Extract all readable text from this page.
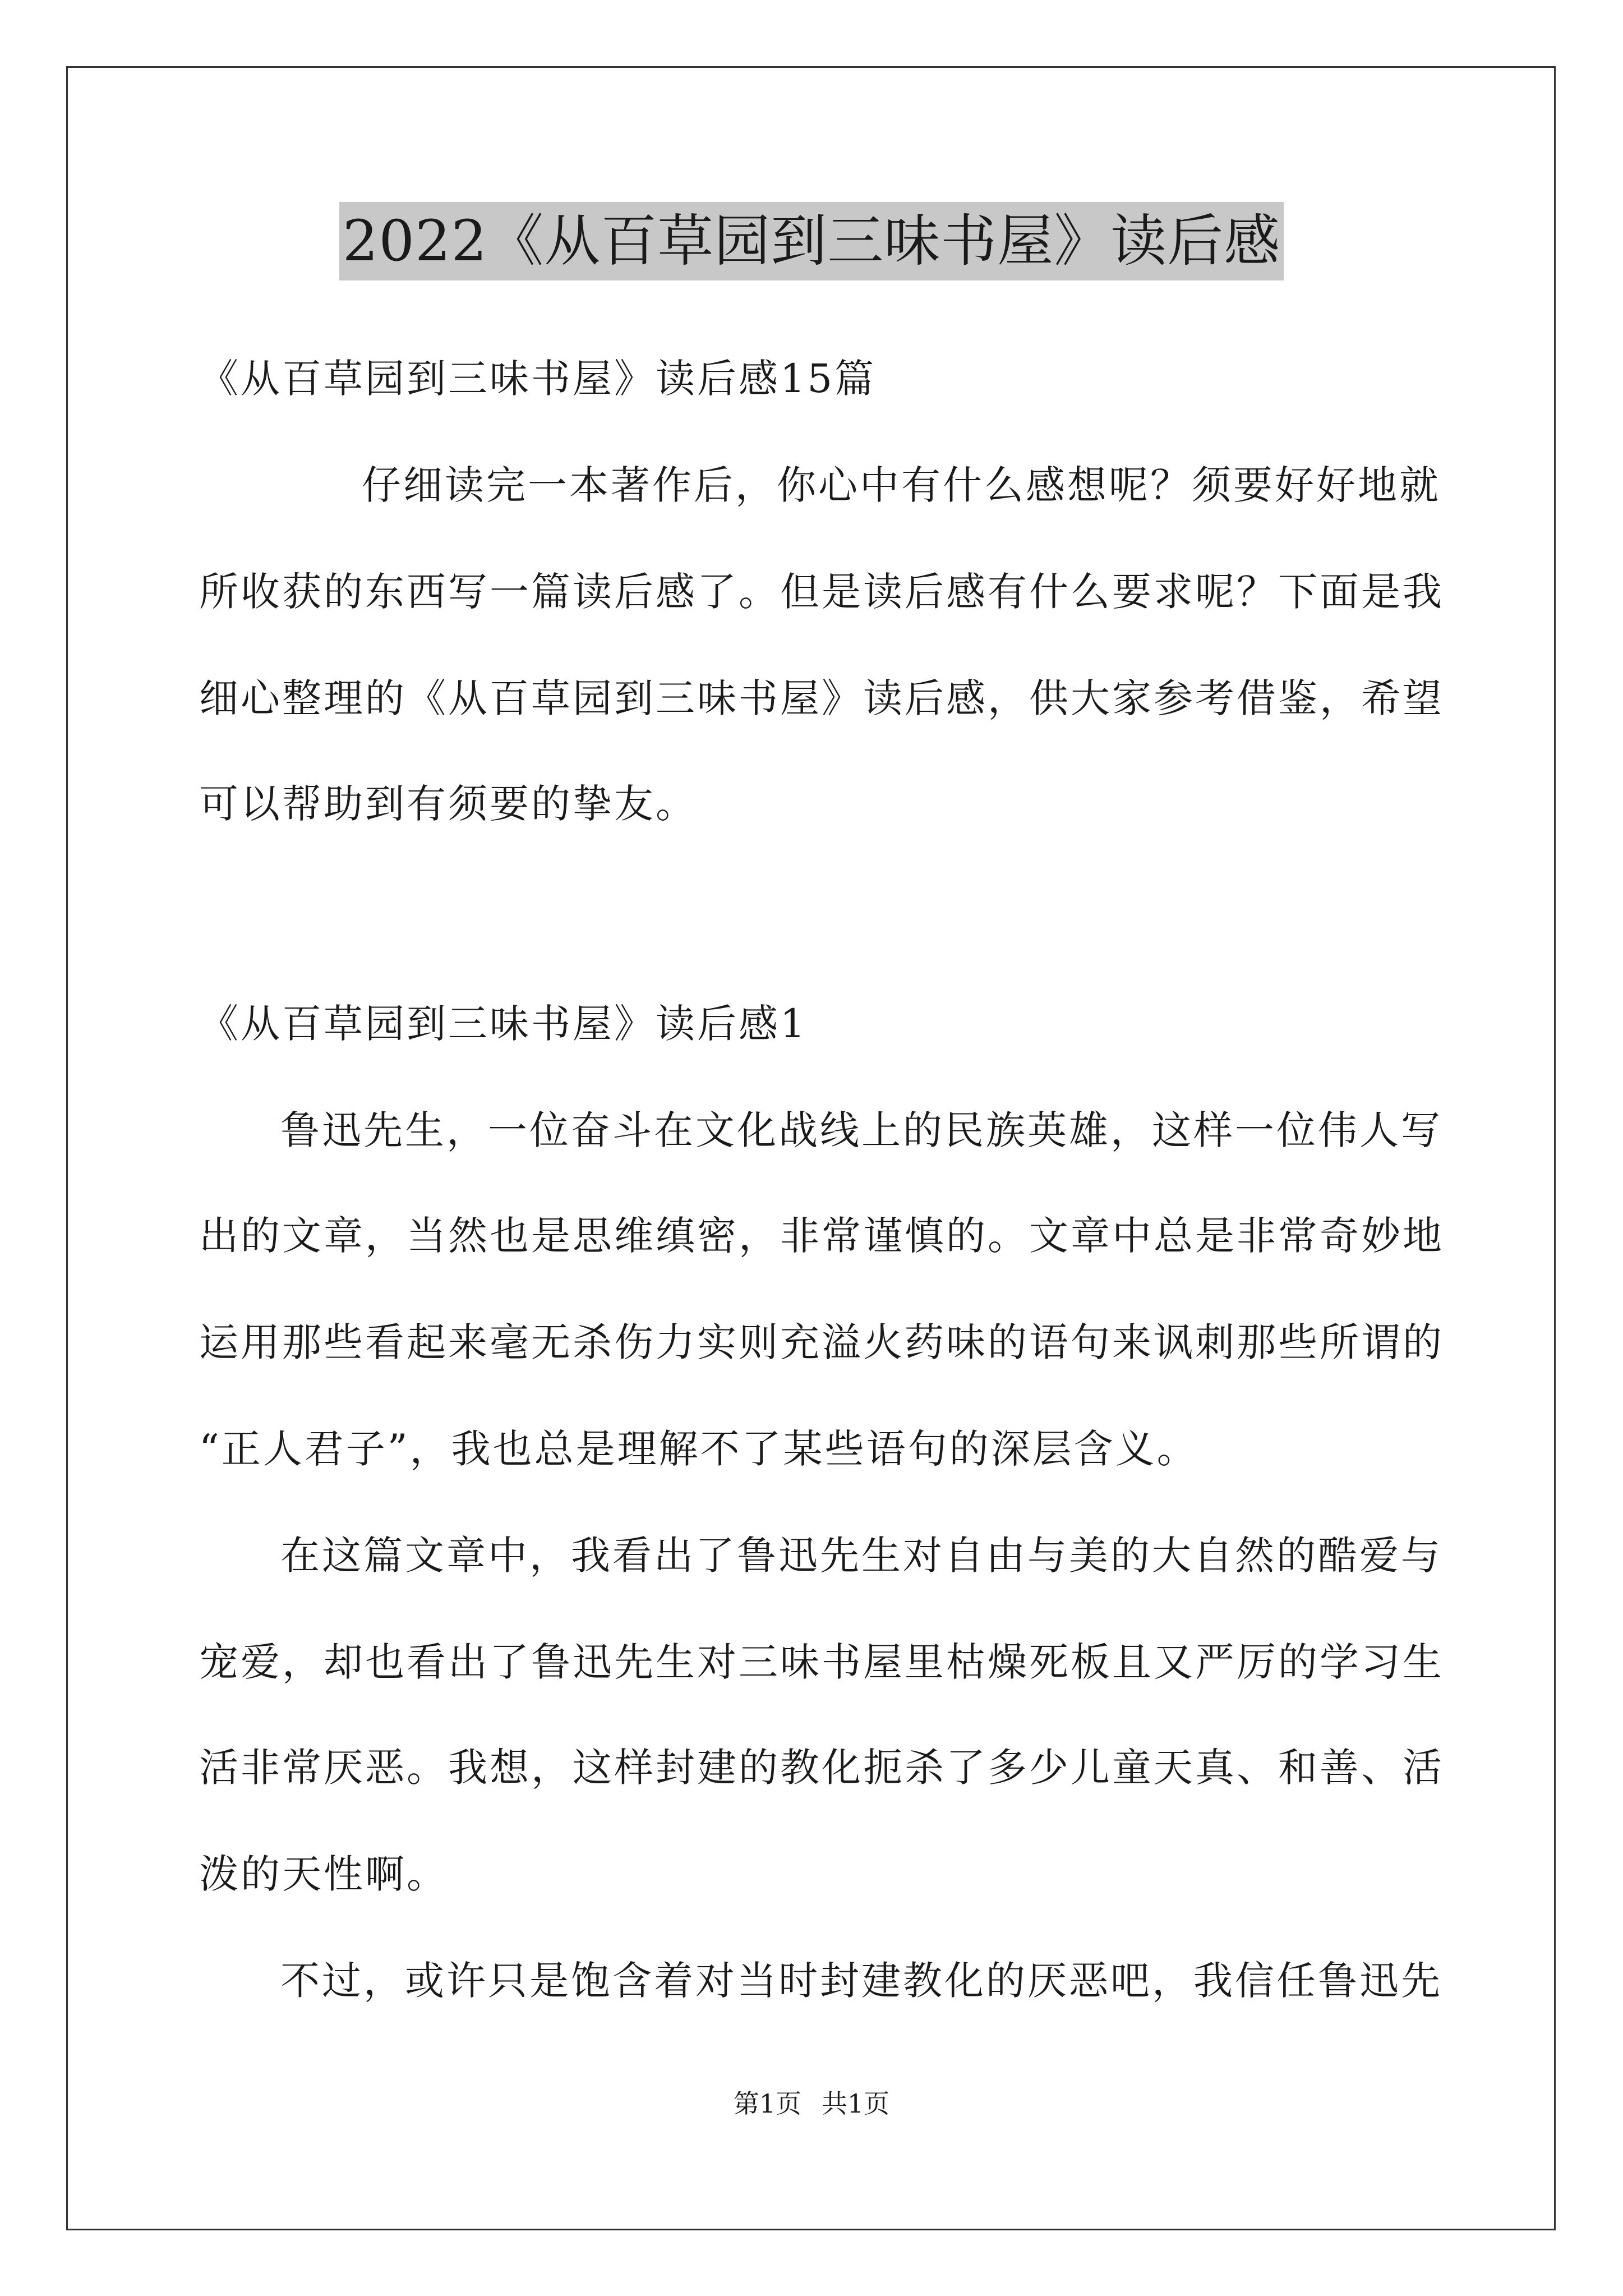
2022《从百草园到三味书屋》读后感
《从百草园到三味书屋》读后感15篇
仔细读完一本著作后，你心中有什么感想呢？须要好好地就
所收获的东西写一篇读后感了。但是读后感有什么要求呢？下面是我
细心整理的《从百草园到三味书屋》读后感，供大家参考借鉴，希望
可以帮助到有须要的挚友。
《从百草园到三味书屋》读后感1
鲁迅先生，一位奋斗在文化战线上的民族英雄，这样一位伟人写
出的文章，当然也是思维缜密，非常谨慎的。文章中总是非常奇妙地
运用那些看起来毫无杀伤力实则充溢火药味的语句来讽刺那些所谓的
“正人君子”，我也总是理解不了某些语句的深层含义。
在这篇文章中，我看出了鲁迅先生对自由与美的大自然的酷爱与
宠爱，却也看出了鲁迅先生对三味书屋里枯燥死板且又严厉的学习生
活非常厌恶。我想，这样封建的教化扼杀了多少儿童天真、和善、活
泼的天性啊。
不过，或许只是饱含着对当时封建教化的厌恶吧，我信任鲁迅先
第1页 共1页
